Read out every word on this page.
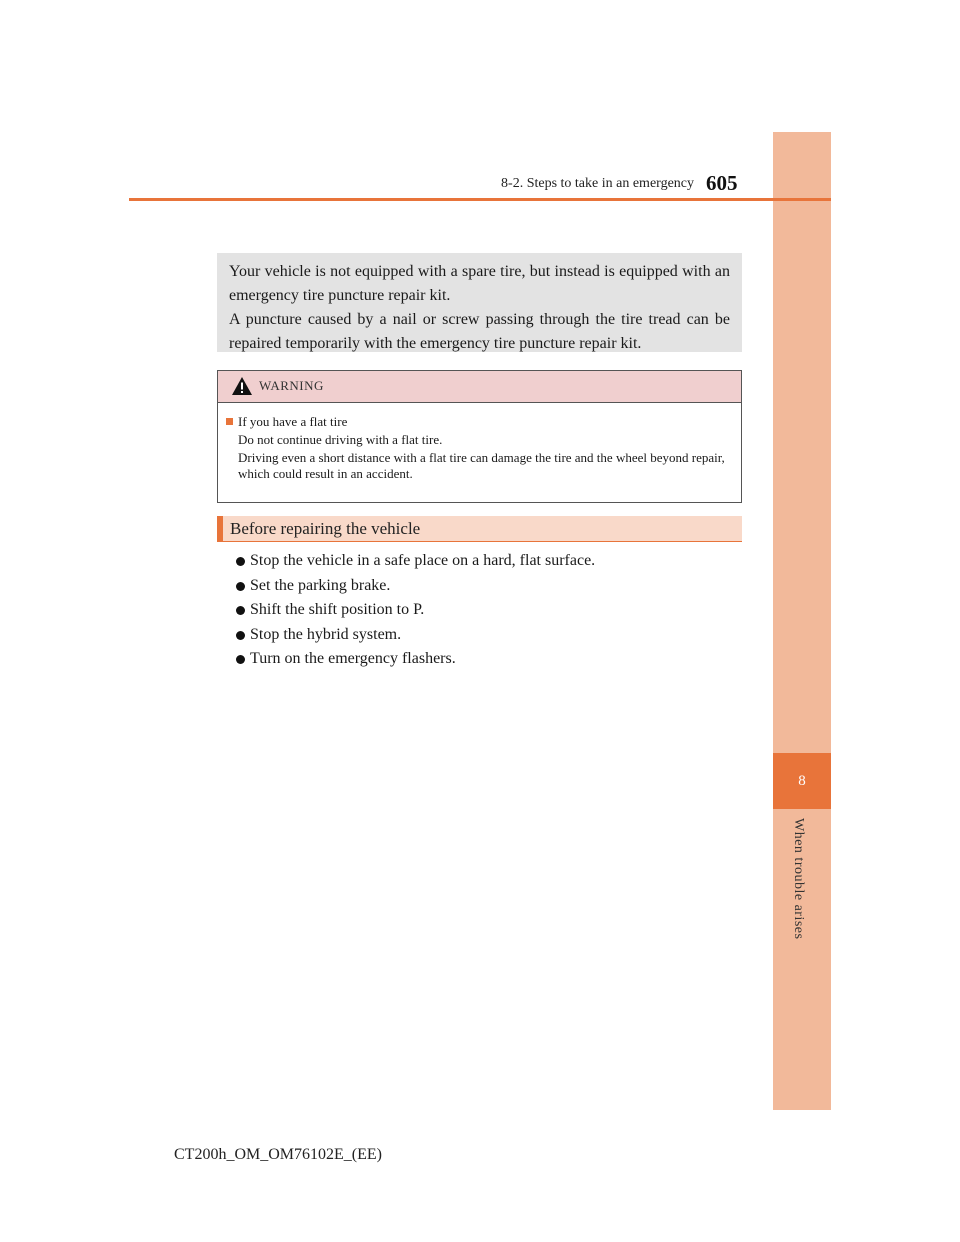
8
When trouble arises
8-2. Steps to take in an emergency 605

Your vehicle is not equipped with a spare tire, but instead is equipped with an emergency tire puncture repair kit.

A puncture caused by a nail or screw passing through the tire tread can be repaired temporarily with the emergency tire puncture repair kit.

WARNING
If you have a flat tire

Do not continue driving with a flat tire.

Driving even a short distance with a flat tire can damage the tire and the wheel beyond repair, which could result in an accident.

Before repairing the vehicle
Stop the vehicle in a safe place on a hard, flat surface.
Set the parking brake.
Shift the shift position to P.
Stop the hybrid system.
Turn on the emergency flashers.
CT200h_OM_OM76102E_(EE)
